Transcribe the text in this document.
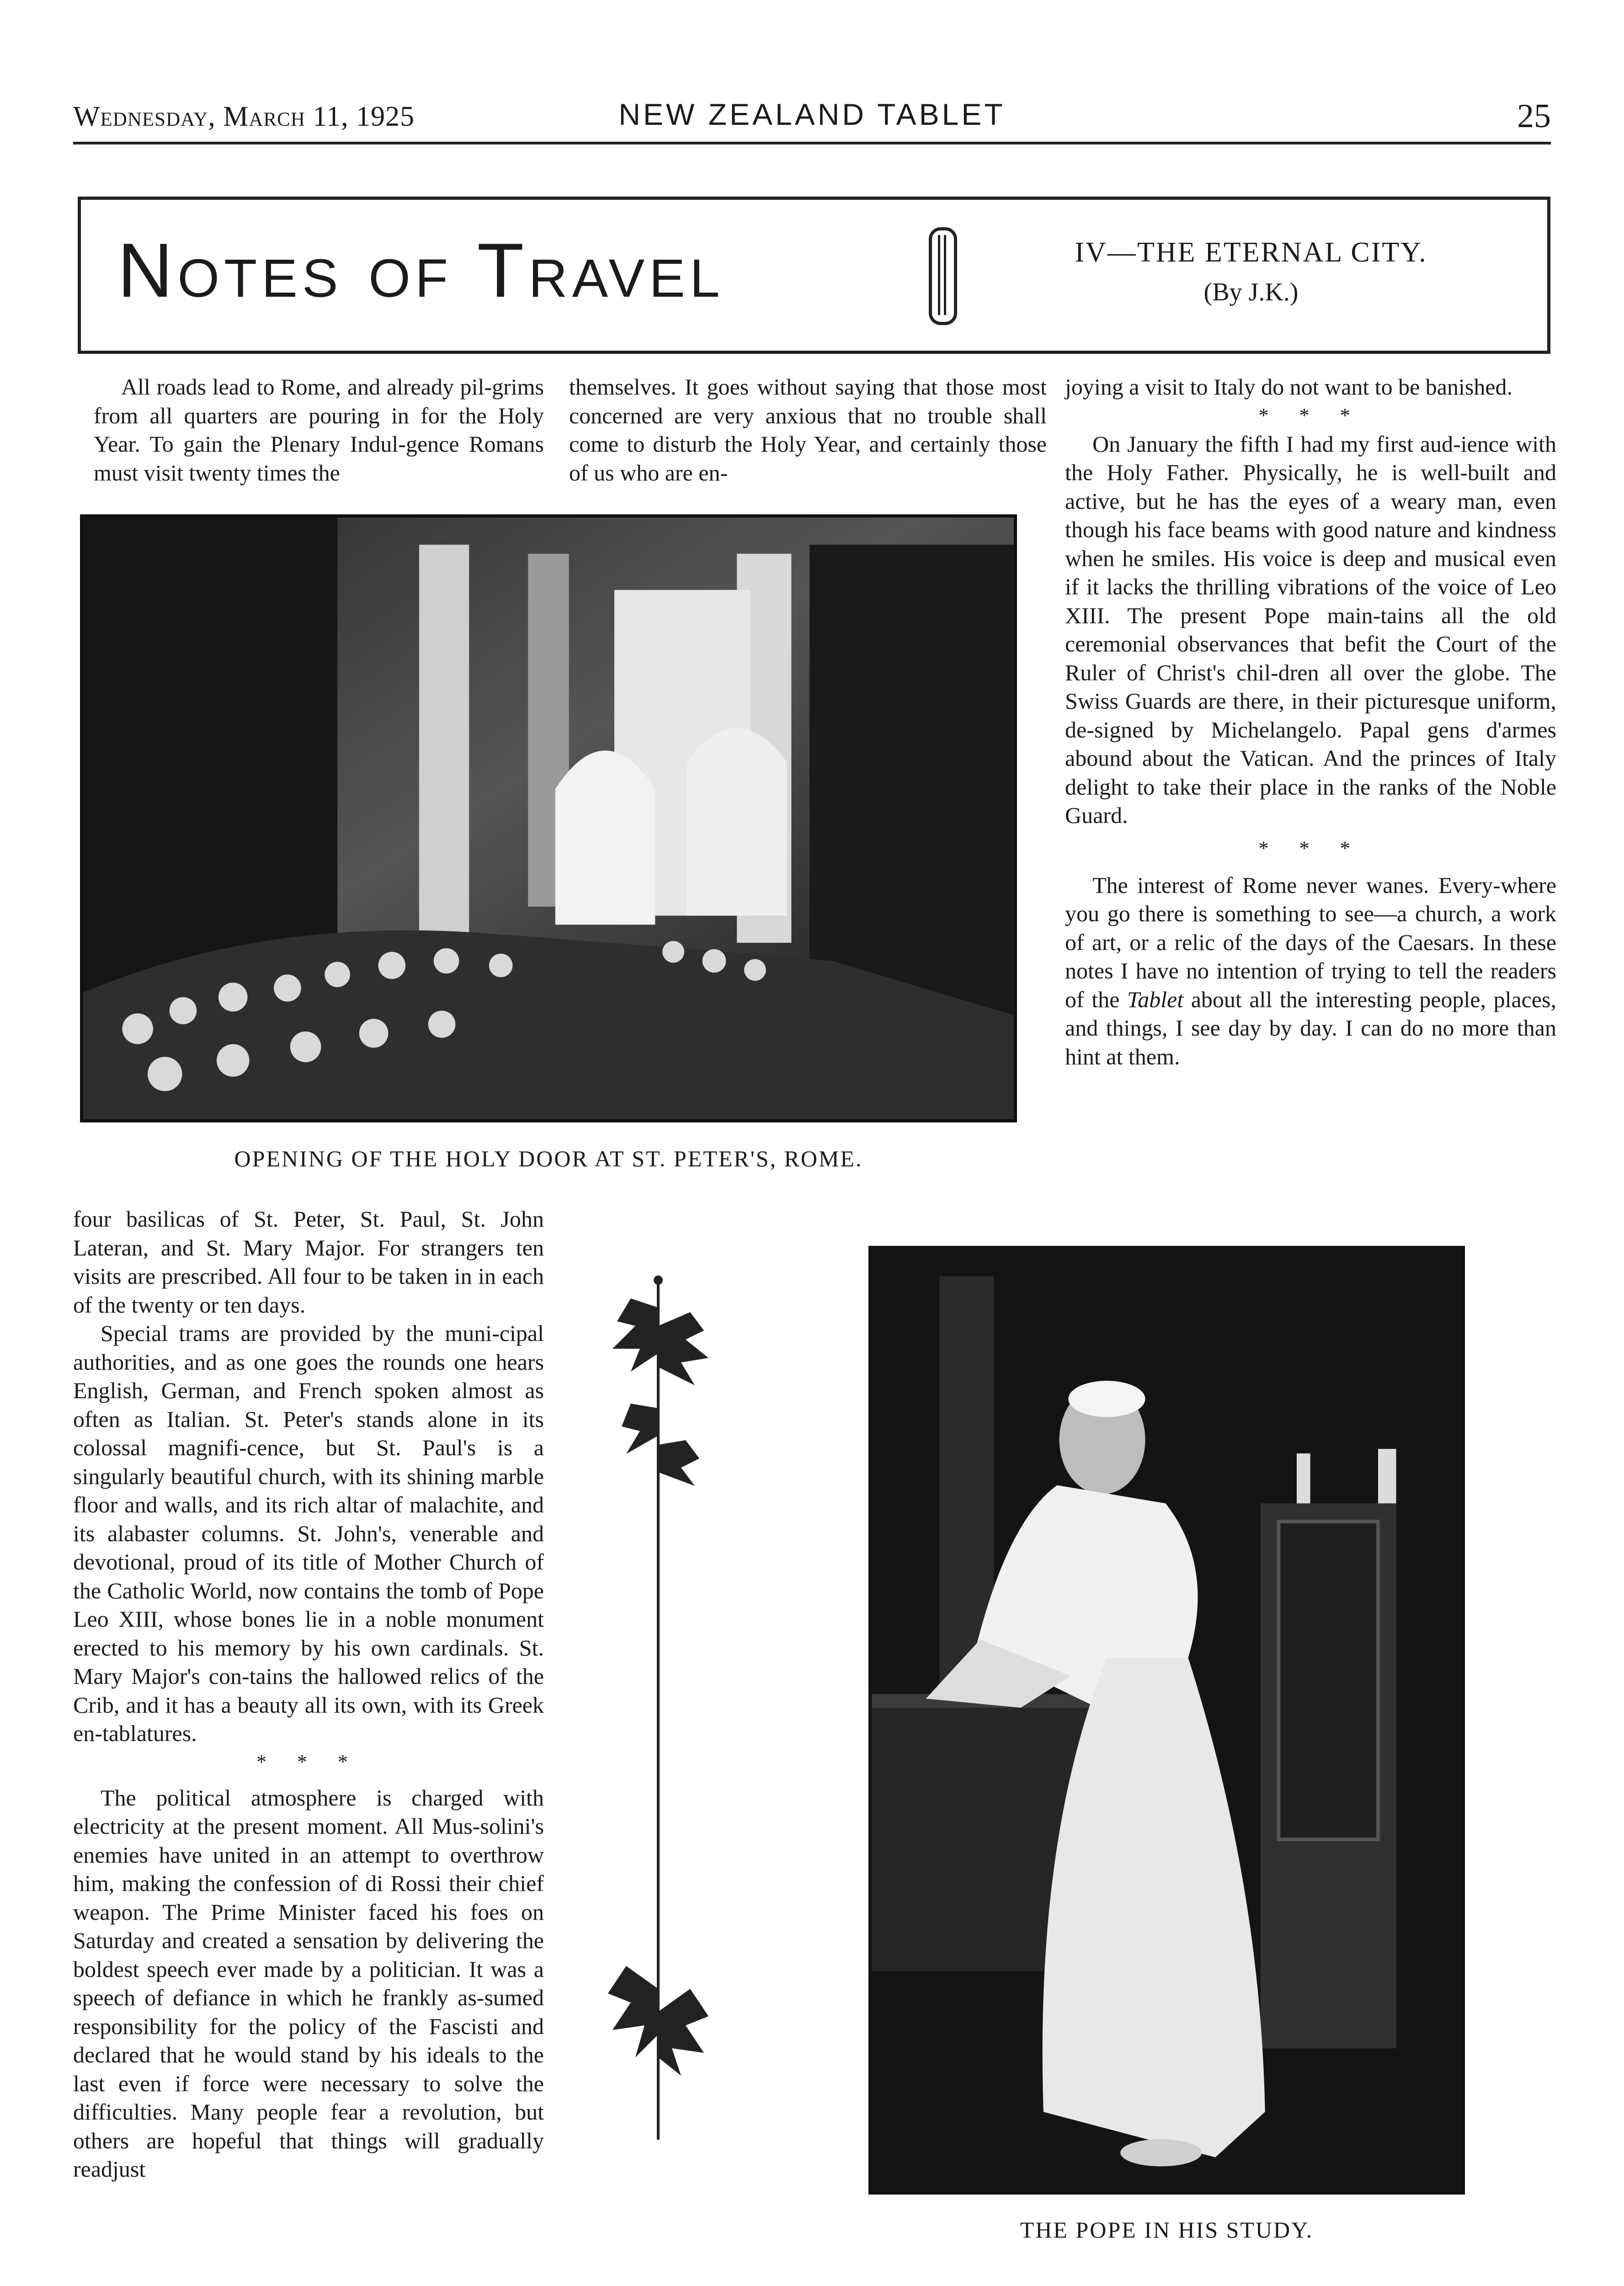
Wednesday, March 11, 1925	NEW ZEALAND TABLET	25
Notes of Travel	IV—THE ETERNAL CITY.
(By J.K.)

All roads lead to Rome, and already pil-grims from all quarters are pouring in for the Holy Year. To gain the Plenary Indul-gence Romans must visit twenty times the

themselves. It goes without saying that those most concerned are very anxious that no trouble shall come to disturb the Holy Year, and certainly those of us who are en-

joying a visit to Italy do not want to be banished.

* * *

On January the fifth I had my first aud-ience with the Holy Father. Physically, he is well-built and active, but he has the eyes of a weary man, even though his face beams with good nature and kindness when he smiles. His voice is deep and musical even if it lacks the thrilling vibrations of the voice of Leo XIII. The present Pope main-tains all the old ceremonial observances that befit the Court of the Ruler of Christ's chil-dren all over the globe. The Swiss Guards are there, in their picturesque uniform, de-signed by Michelangelo. Papal gens d'armes abound about the Vatican. And the princes of Italy delight to take their place in the ranks of the Noble Guard.

* * *

The interest of Rome never wanes. Every-where you go there is something to see—a church, a work of art, or a relic of the days of the Caesars. In these notes I have no intention of trying to tell the readers of the Tablet about all the interesting people, places, and things, I see day by day. I can do no more than hint at them.

OPENING OF THE HOLY DOOR AT ST. PETER'S, ROME.

four basilicas of St. Peter, St. Paul, St. John Lateran, and St. Mary Major. For strangers ten visits are prescribed. All four to be taken in in each of the twenty or ten days.

Special trams are provided by the muni-cipal authorities, and as one goes the rounds one hears English, German, and French spoken almost as often as Italian. St. Peter's stands alone in its colossal magnifi-cence, but St. Paul's is a singularly beautiful church, with its shining marble floor and walls, and its rich altar of malachite, and its alabaster columns. St. John's, venerable and devotional, proud of its title of Mother Church of the Catholic World, now contains the tomb of Pope Leo XIII, whose bones lie in a noble monument erected to his memory by his own cardinals. St. Mary Major's con-tains the hallowed relics of the Crib, and it has a beauty all its own, with its Greek en-tablatures.

* * *

The political atmosphere is charged with electricity at the present moment. All Mus-solini's enemies have united in an attempt to overthrow him, making the confession of di Rossi their chief weapon. The Prime Minister faced his foes on Saturday and created a sensation by delivering the boldest speech ever made by a politician. It was a speech of defiance in which he frankly as-sumed responsibility for the policy of the Fascisti and declared that he would stand by his ideals to the last even if force were necessary to solve the difficulties. Many people fear a revolution, but others are hopeful that things will gradually readjust

THE POPE IN HIS STUDY.
